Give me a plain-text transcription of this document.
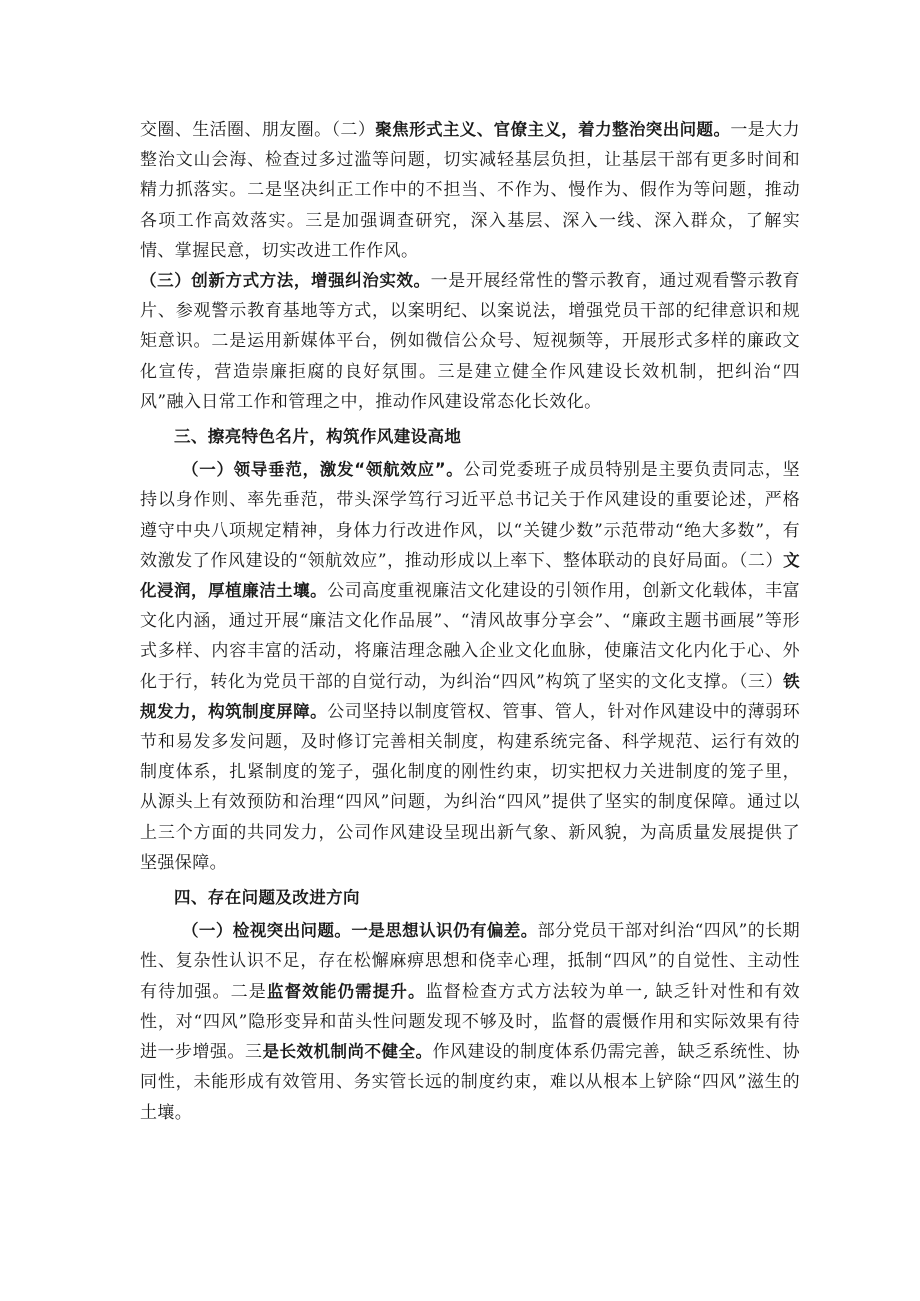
交圈、生活圈、朋友圈。（二）聚焦形式主义、官僚主义，着力整治突出问题。一是大力整治文山会海、检查过多过滥等问题，切实减轻基层负担，让基层干部有更多时间和精力抓落实。二是坚决纠正工作中的不担当、不作为、慢作为、假作为等问题，推动各项工作高效落实。三是加强调查研究，深入基层、深入一线、深入群众，了解实情、掌握民意，切实改进工作作风。

（三）创新方式方法，增强纠治实效。一是开展经常性的警示教育，通过观看警示教育片、参观警示教育基地等方式，以案明纪、以案说法，增强党员干部的纪律意识和规矩意识。二是运用新媒体平台，例如微信公众号、短视频等，开展形式多样的廉政文化宣传，营造崇廉拒腐的良好氛围。三是建立健全作风建设长效机制，把纠治“四风”融入日常工作和管理之中，推动作风建设常态化长效化。

三、擦亮特色名片，构筑作风建设高地

（一）领导垂范，激发“领航效应”。公司党委班子成员特别是主要负责同志，坚持以身作则、率先垂范，带头深学笃行习近平总书记关于作风建设的重要论述，严格遵守中央八项规定精神，身体力行改进作风，以“关键少数”示范带动“绝大多数”，有效激发了作风建设的“领航效应”，推动形成以上率下、整体联动的良好局面。（二）文化浸润，厚植廉洁土壤。公司高度重视廉洁文化建设的引领作用，创新文化载体，丰富文化内涵，通过开展“廉洁文化作品展”、“清风故事分享会”、“廉政主题书画展”等形式多样、内容丰富的活动，将廉洁理念融入企业文化血脉，使廉洁文化内化于心、外化于行，转化为党员干部的自觉行动，为纠治“四风”构筑了坚实的文化支撑。（三）铁规发力，构筑制度屏障。公司坚持以制度管权、管事、管人，针对作风建设中的薄弱环节和易发多发问题，及时修订完善相关制度，构建系统完备、科学规范、运行有效的制度体系，扎紧制度的笼子，强化制度的刚性约束，切实把权力关进制度的笼子里，从源头上有效预防和治理“四风”问题，为纠治“四风”提供了坚实的制度保障。通过以上三个方面的共同发力，公司作风建设呈现出新气象、新风貌，为高质量发展提供了坚强保障。

四、存在问题及改进方向

（一）检视突出问题。一是思想认识仍有偏差。部分党员干部对纠治“四风”的长期性、复杂性认识不足，存在松懈麻痹思想和侥幸心理，抵制“四风”的自觉性、主动性有待加强。二是监督效能仍需提升。监督检查方式方法较为单一, 缺乏针对性和有效性，对“四风”隐形变异和苗头性问题发现不够及时，监督的震慑作用和实际效果有待进一步增强。三是长效机制尚不健全。作风建设的制度体系仍需完善，缺乏系统性、协同性，未能形成有效管用、务实管长远的制度约束，难以从根本上铲除“四风”滋生的土壤。
